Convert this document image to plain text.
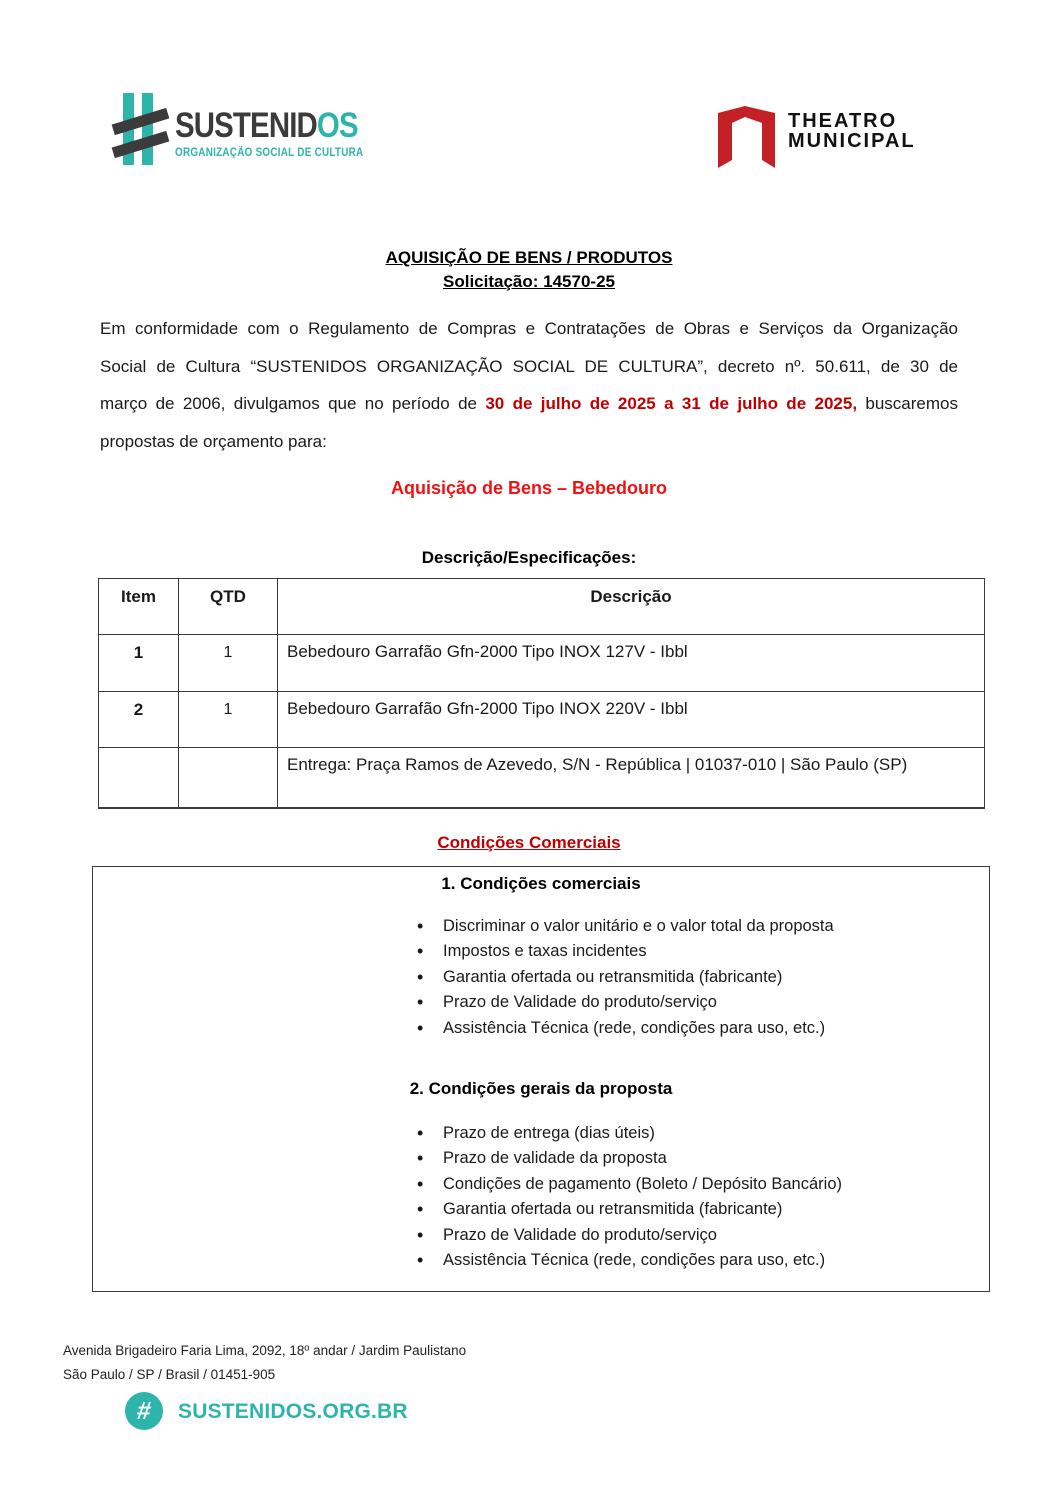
SUSTENIDOS
ORGANIZAÇÃO SOCIAL DE CULTURA
THEATRO
MUNICIPAL
AQUISIÇÃO DE BENS / PRODUTOS
Solicitação: 14570-25
Em conformidade com o Regulamento de Compras e Contratações de Obras e Serviços da Organização
Social de Cultura “SUSTENIDOS ORGANIZAÇÃO SOCIAL DE CULTURA”, decreto nº. 50.611, de 30 de
março de 2006, divulgamos que no período de 30 de julho de 2025 a 31 de julho de 2025, buscaremos
propostas de orçamento para:
Aquisição de Bens – Bebedouro
Descrição/Especificações:
Item	QTD	Descrição
1	1	Bebedouro Garrafão Gfn-2000 Tipo INOX 127V - Ibbl
2	1	Bebedouro Garrafão Gfn-2000 Tipo INOX 220V - Ibbl
		Entrega: Praça Ramos de Azevedo, S/N - República | 01037-010 | São Paulo (SP)
Condições Comerciais
1. Condições comerciais
• Discriminar o valor unitário e o valor total da proposta
• Impostos e taxas incidentes
• Garantia ofertada ou retransmitida (fabricante)
• Prazo de Validade do produto/serviço
• Assistência Técnica (rede, condições para uso, etc.)
2. Condições gerais da proposta
• Prazo de entrega (dias úteis)
• Prazo de validade da proposta
• Condições de pagamento (Boleto / Depósito Bancário)
• Garantia ofertada ou retransmitida (fabricante)
• Prazo de Validade do produto/serviço
• Assistência Técnica (rede, condições para uso, etc.)
Avenida Brigadeiro Faria Lima, 2092, 18º andar / Jardim Paulistano
São Paulo / SP / Brasil / 01451-905
# SUSTENIDOS.ORG.BR
